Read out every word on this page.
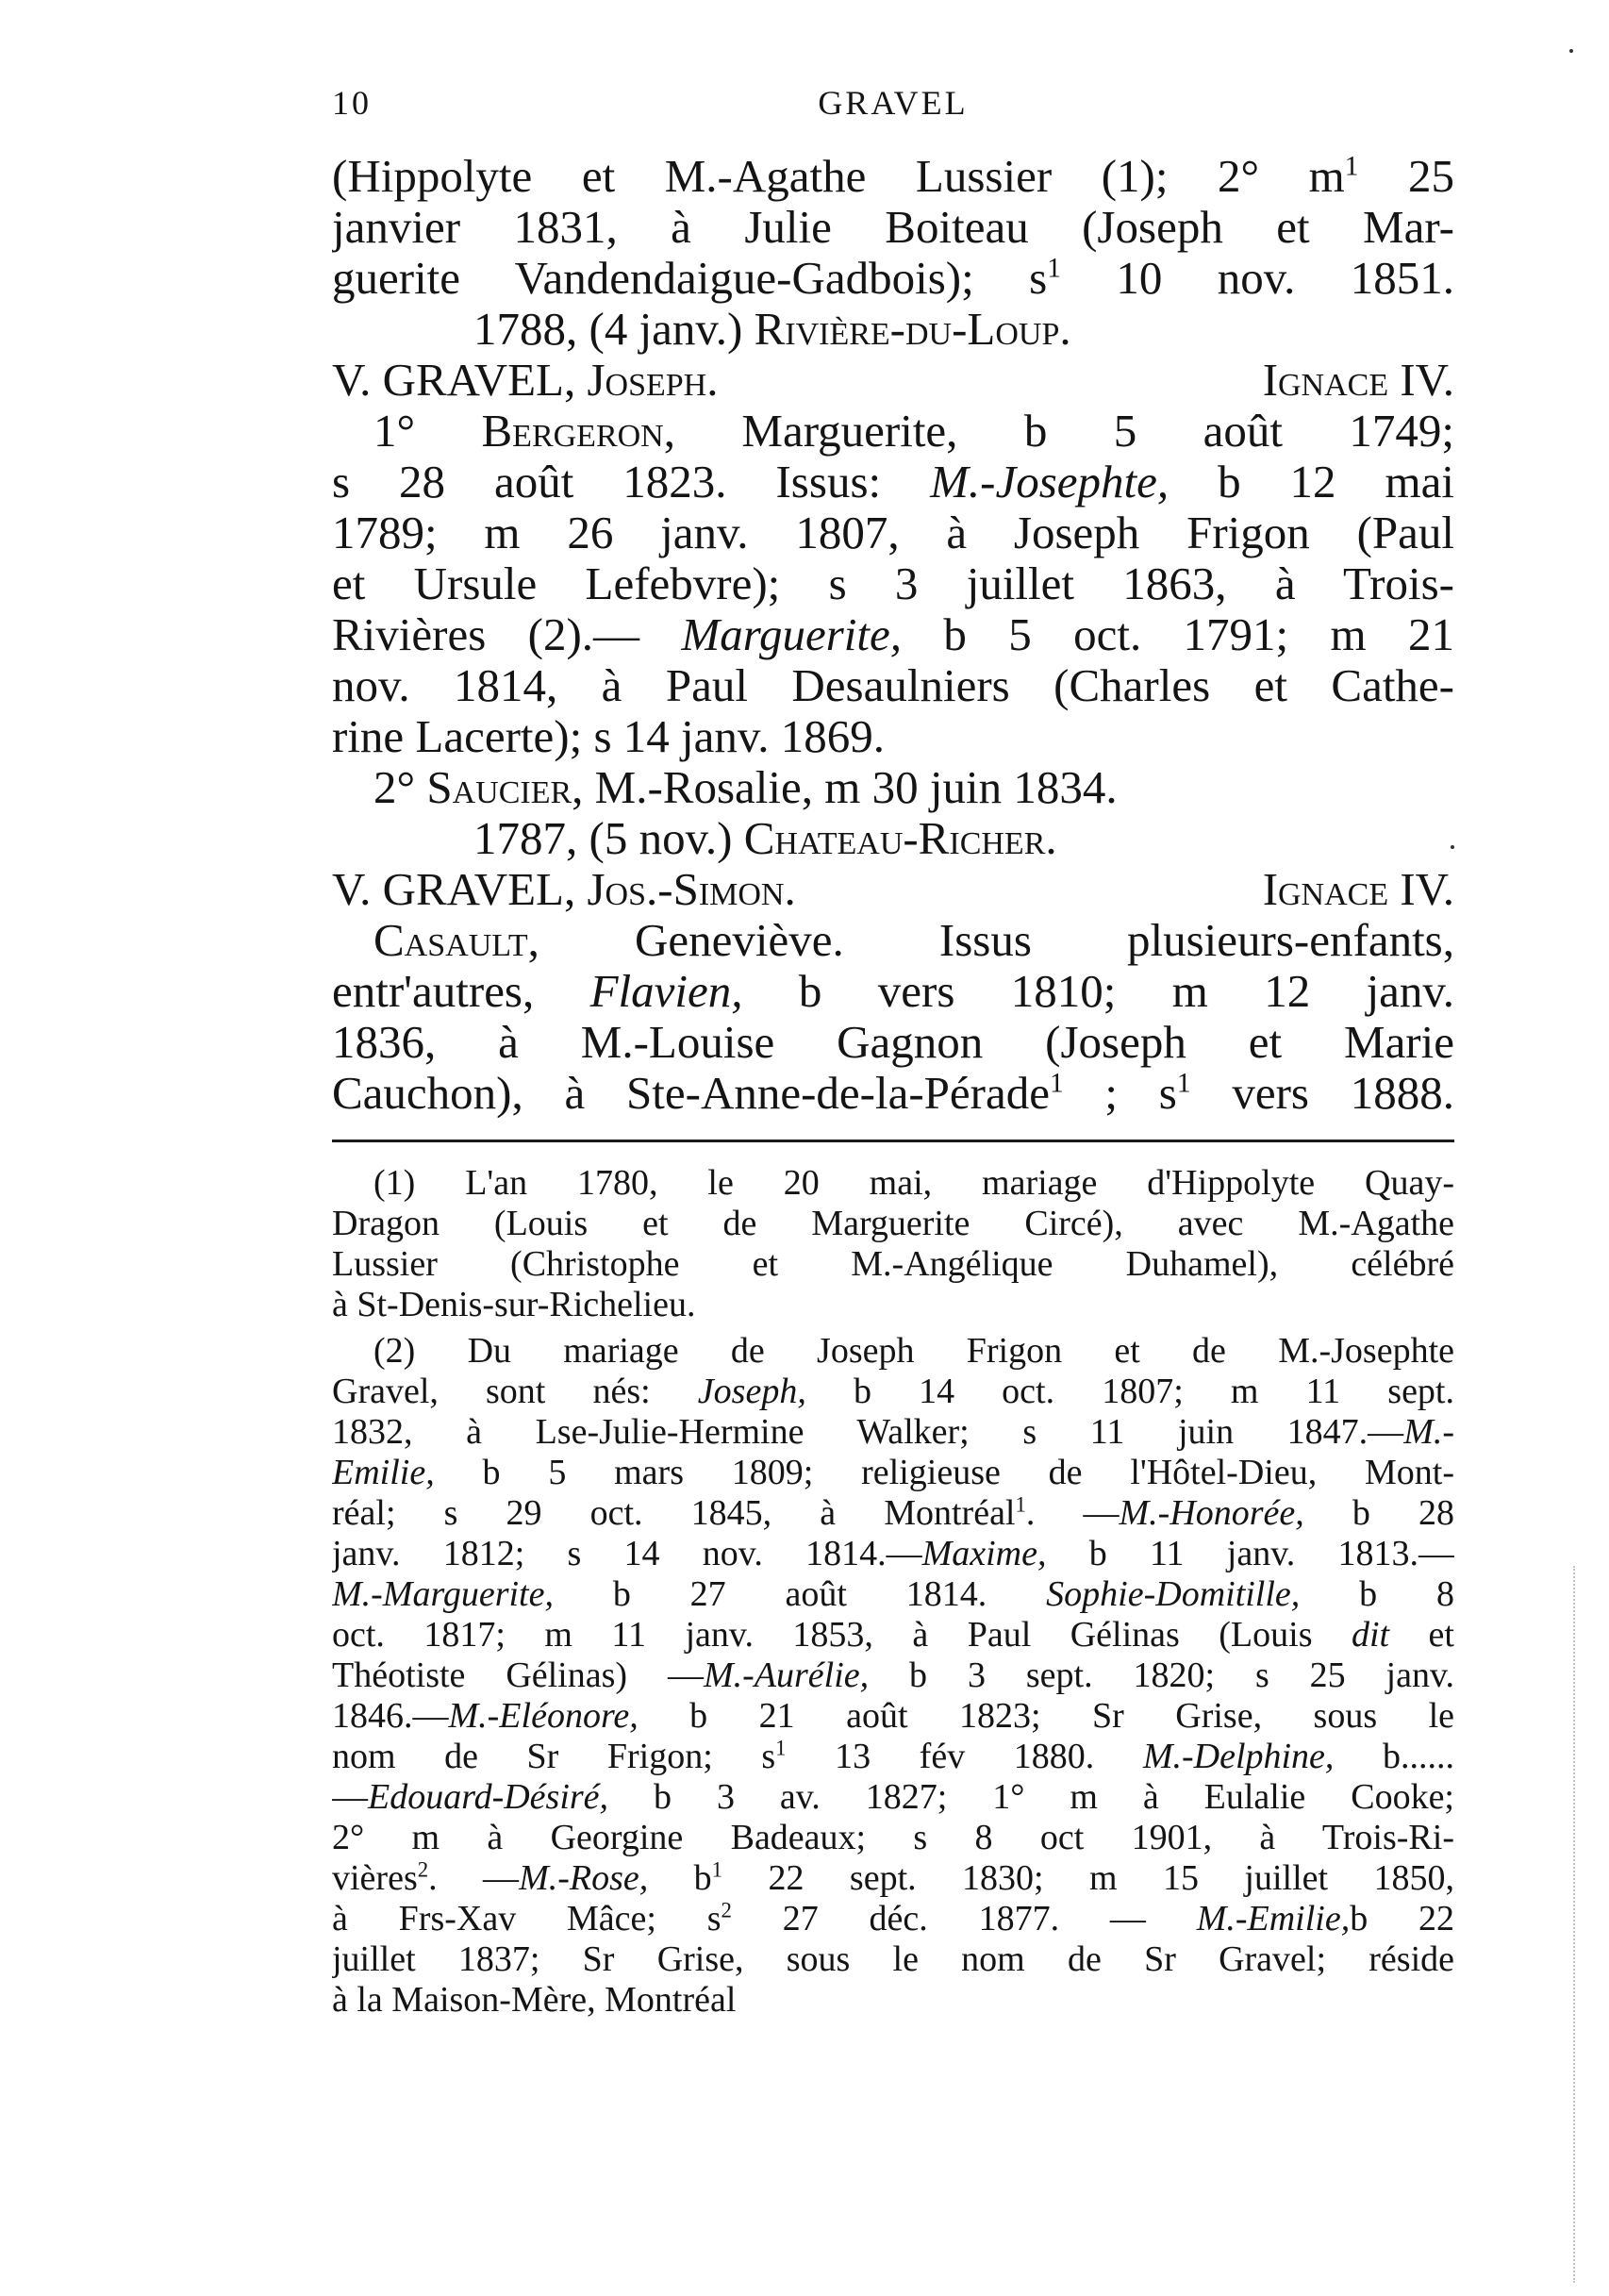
10	GRAVEL
(Hippolyte et M.-Agathe Lussier (1); 2° $m^1$ 25
janvier 1831, à Julie Boiteau (Joseph et Mar-
guerite Vandendaigue-Gadbois); $s^1$ 10 nov. 1851.
1788, (4 janv.) Rivière-du-Loup.
V. GRAVEL, Joseph.	Ignace IV.
1° Bergeron, Marguerite, b 5 août 1749;
s 28 août 1823. Issus: M.-Josephte, b 12 mai
1789; m 26 janv. 1807, à Joseph Frigon (Paul
et Ursule Lefebvre); s 3 juillet 1863, à Trois-
Rivières (2).— Marguerite, b 5 oct. 1791; m 21
nov. 1814, à Paul Desaulniers (Charles et Cathe-
rine Lacerte); s 14 janv. 1869.
2° Saucier, M.-Rosalie, m 30 juin 1834.
1787, (5 nov.) Chateau-Richer.
V. GRAVEL, Jos.-Simon.	Ignace IV.
Casault, Geneviève. Issus plusieurs-enfants,
entr'autres, Flavien, b vers 1810; m 12 janv.
1836, à M.-Louise Gagnon (Joseph et Marie
Cauchon), à Ste-Anne-de-la-Pérade$^1$ ; $s^1$ vers 1888.
(1) L'an 1780, le 20 mai, mariage d'Hippolyte Quay-
Dragon (Louis et de Marguerite Circé), avec M.-Agathe
Lussier (Christophe et M.-Angélique Duhamel), célébré
à St-Denis-sur-Richelieu.
(2) Du mariage de Joseph Frigon et de M.-Josephte
Gravel, sont nés: Joseph, b 14 oct. 1807; m 11 sept.
1832, à Lse-Julie-Hermine Walker; s 11 juin 1847.—M.-
Emilie, b 5 mars 1809; religieuse de l'Hôtel-Dieu, Mont-
réal; s 29 oct. 1845, à Montréal$^1$. —M.-Honorée, b 28
janv. 1812; s 14 nov. 1814.—Maxime, b 11 janv. 1813.—
M.-Marguerite, b 27 août 1814. Sophie-Domitille, b 8
oct. 1817; m 11 janv. 1853, à Paul Gélinas (Louis dit et
Théotiste Gélinas) —M.-Aurélie, b 3 sept. 1820; s 25 janv.
1846.—M.-Eléonore, b 21 août 1823; Sr Grise, sous le
nom de Sr Frigon; $s^1$ 13 fév 1880. M.-Delphine, b......
—Edouard-Désiré, b 3 av. 1827; 1° m à Eulalie Cooke;
2° m à Georgine Badeaux; s 8 oct 1901, à Trois-Ri-
vières$^2$. —M.-Rose, $b^1$ 22 sept. 1830; m 15 juillet 1850,
à Frs-Xav Mâce; $s^2$ 27 déc. 1877. — M.-Emilie,b 22
juillet 1837; Sr Grise, sous le nom de Sr Gravel; réside
à la Maison-Mère, Montréal
